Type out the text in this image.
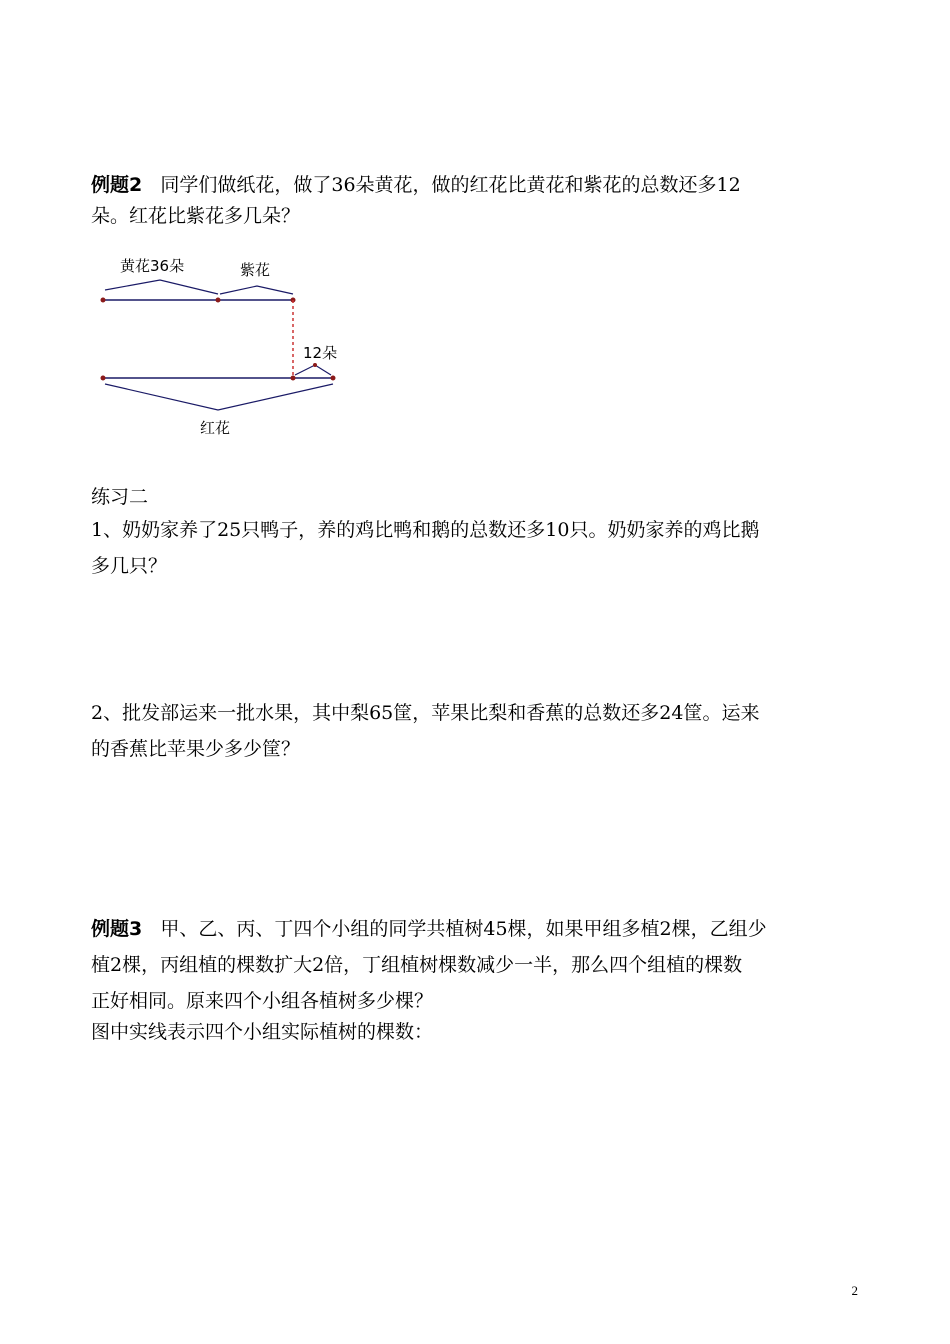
例题2 同学们做纸花，做了36朵黄花，做的红花比黄花和紫花的总数还多12
朵。红花比紫花多几朵？
黄花36朵	紫花
12朵
红花
练习二
1、奶奶家养了25只鸭子，养的鸡比鸭和鹅的总数还多10只。奶奶家养的鸡比鹅
多几只？
2、批发部运来一批水果，其中梨65筐，苹果比梨和香蕉的总数还多24筐。运来
的香蕉比苹果少多少筐？
例题3 甲、乙、丙、丁四个小组的同学共植树45棵，如果甲组多植2棵，乙组少
植2棵，丙组植的棵数扩大2倍，丁组植树棵数减少一半，那么四个组植的棵数
正好相同。原来四个小组各植树多少棵？
图中实线表示四个小组实际植树的棵数：
2
